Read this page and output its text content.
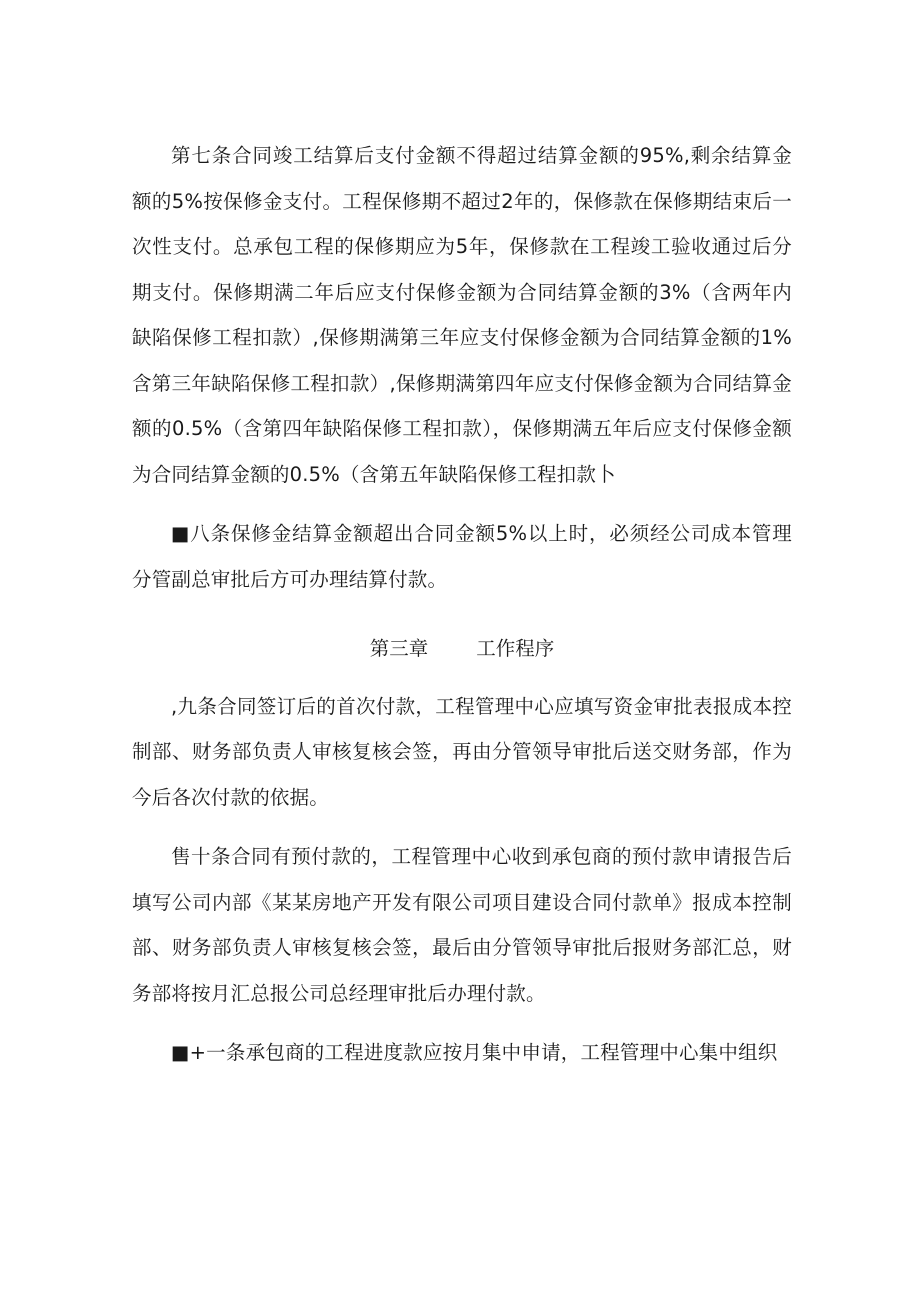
第七条合同竣工结算后支付金额不得超过结算金额的95%,剩余结算金额的5%按保修金支付。工程保修期不超过2年的，保修款在保修期结束后一次性支付。总承包工程的保修期应为5年，保修款在工程竣工验收通过后分期支付。保修期满二年后应支付保修金额为合同结算金额的3%（含两年内缺陷保修工程扣款）,保修期满第三年应支付保修金额为合同结算金额的1%含第三年缺陷保修工程扣款）,保修期满第四年应支付保修金额为合同结算金额的0.5%（含第四年缺陷保修工程扣款），保修期满五年后应支付保修金额为合同结算金额的0.5%（含第五年缺陷保修工程扣款卜

■八条保修金结算金额超出合同金额5%以上时，必须经公司成本管理分管副总审批后方可办理结算付款。

第三章 工作程序

,九条合同签订后的首次付款，工程管理中心应填写资金审批表报成本控制部、财务部负责人审核复核会签，再由分管领导审批后送交财务部，作为今后各次付款的依据。

售十条合同有预付款的，工程管理中心收到承包商的预付款申请报告后填写公司内部《某某房地产开发有限公司项目建设合同付款单》报成本控制部、财务部负责人审核复核会签，最后由分管领导审批后报财务部汇总，财务部将按月汇总报公司总经理审批后办理付款。

■+一条承包商的工程进度款应按月集中申请，工程管理中心集中组织
